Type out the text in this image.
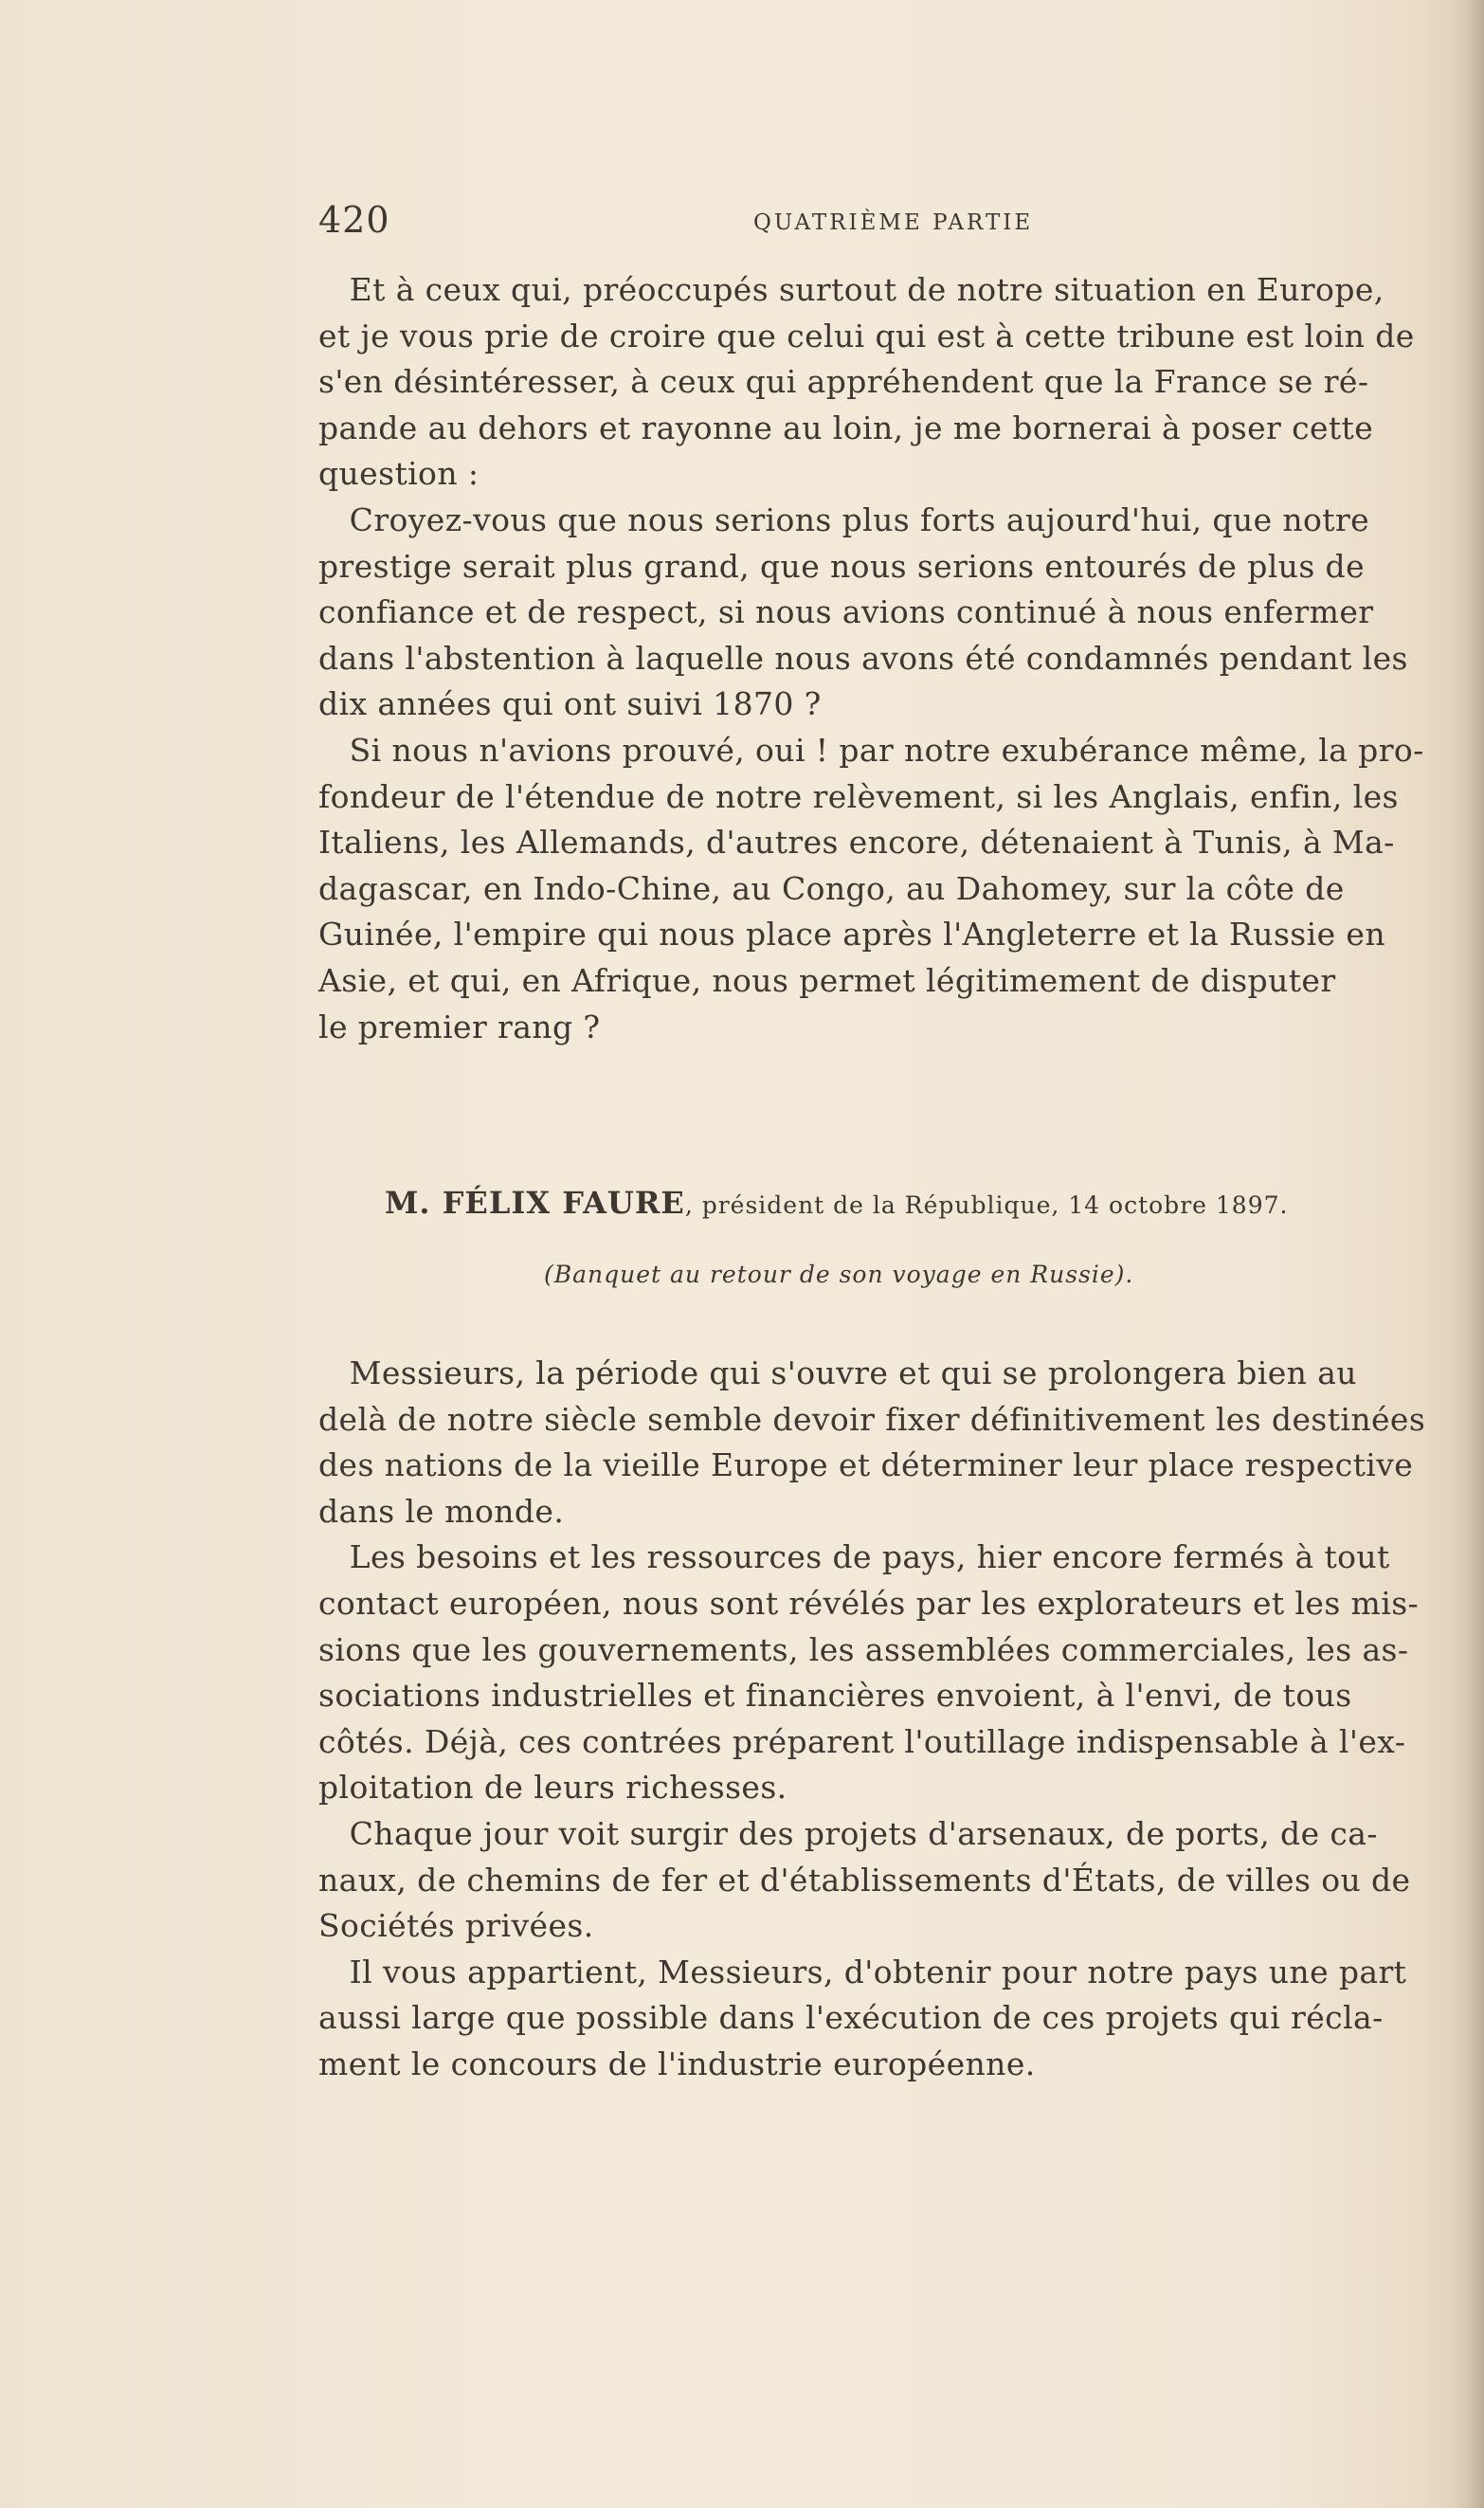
420	QUATRIÈME PARTIE
Et à ceux qui, préoccupés surtout de notre situation en Europe,
et je vous prie de croire que celui qui est à cette tribune est loin de
s'en désintéresser, à ceux qui appréhendent que la France se ré-
pande au dehors et rayonne au loin, je me bornerai à poser cette
question :
Croyez-vous que nous serions plus forts aujourd'hui, que notre
prestige serait plus grand, que nous serions entourés de plus de
confiance et de respect, si nous avions continué à nous enfermer
dans l'abstention à laquelle nous avons été condamnés pendant les
dix années qui ont suivi 1870 ?
Si nous n'avions prouvé, oui ! par notre exubérance même, la pro-
fondeur de l'étendue de notre relèvement, si les Anglais, enfin, les
Italiens, les Allemands, d'autres encore, détenaient à Tunis, à Ma-
dagascar, en Indo-Chine, au Congo, au Dahomey, sur la côte de
Guinée, l'empire qui nous place après l'Angleterre et la Russie en
Asie, et qui, en Afrique, nous permet légitimement de disputer
le premier rang ?
M. FÉLIX FAURE, président de la République, 14 octobre 1897.
(Banquet au retour de son voyage en Russie).
Messieurs, la période qui s'ouvre et qui se prolongera bien au
delà de notre siècle semble devoir fixer définitivement les destinées
des nations de la vieille Europe et déterminer leur place respective
dans le monde.
Les besoins et les ressources de pays, hier encore fermés à tout
contact européen, nous sont révélés par les explorateurs et les mis-
sions que les gouvernements, les assemblées commerciales, les as-
sociations industrielles et financières envoient, à l'envi, de tous
côtés. Déjà, ces contrées préparent l'outillage indispensable à l'ex-
ploitation de leurs richesses.
Chaque jour voit surgir des projets d'arsenaux, de ports, de ca-
naux, de chemins de fer et d'établissements d'États, de villes ou de
Sociétés privées.
Il vous appartient, Messieurs, d'obtenir pour notre pays une part
aussi large que possible dans l'exécution de ces projets qui récla-
ment le concours de l'industrie européenne.
